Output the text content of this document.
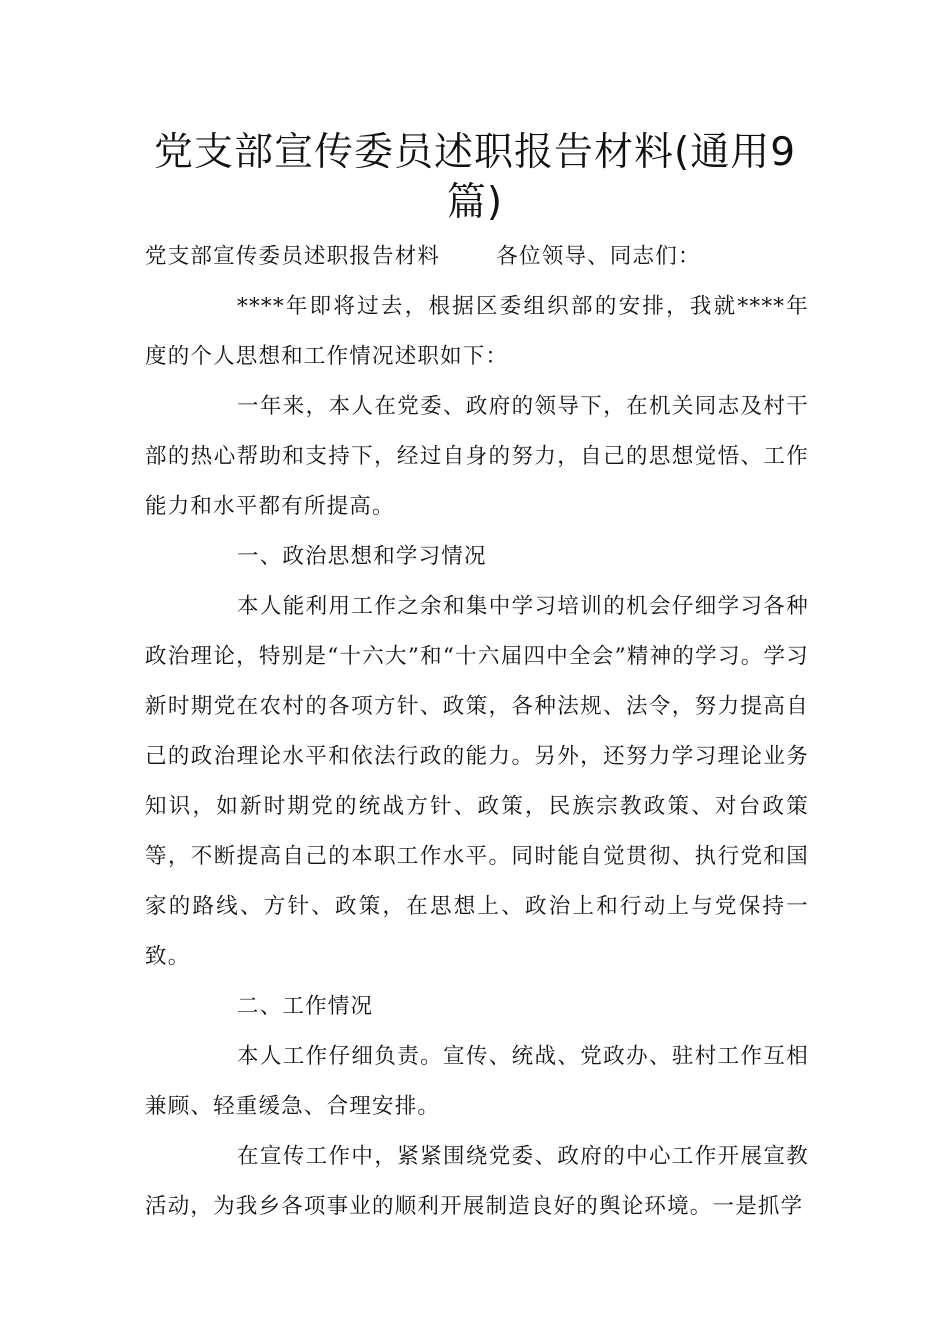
党支部宣传委员述职报告材料(通用9篇)

党支部宣传委员述职报告材料       各位领导、同志们：

****年即将过去，根据区委组织部的安排，我就****年度的个人思想和工作情况述职如下：

一年来，本人在党委、政府的领导下，在机关同志及村干部的热心帮助和支持下，经过自身的努力，自己的思想觉悟、工作能力和水平都有所提高。

一、政治思想和学习情况

本人能利用工作之余和集中学习培训的机会仔细学习各种政治理论，特别是“十六大”和“十六届四中全会”精神的学习。学习新时期党在农村的各项方针、政策，各种法规、法令，努力提高自己的政治理论水平和依法行政的能力。另外，还努力学习理论业务知识，如新时期党的统战方针、政策，民族宗教政策、对台政策等，不断提高自己的本职工作水平。同时能自觉贯彻、执行党和国家的路线、方针、政策，在思想上、政治上和行动上与党保持一致。

二、工作情况

本人工作仔细负责。宣传、统战、党政办、驻村工作互相兼顾、轻重缓急、合理安排。

在宣传工作中，紧紧围绕党委、政府的中心工作开展宣教活动，为我乡各项事业的顺利开展制造良好的舆论环境。一是抓学
